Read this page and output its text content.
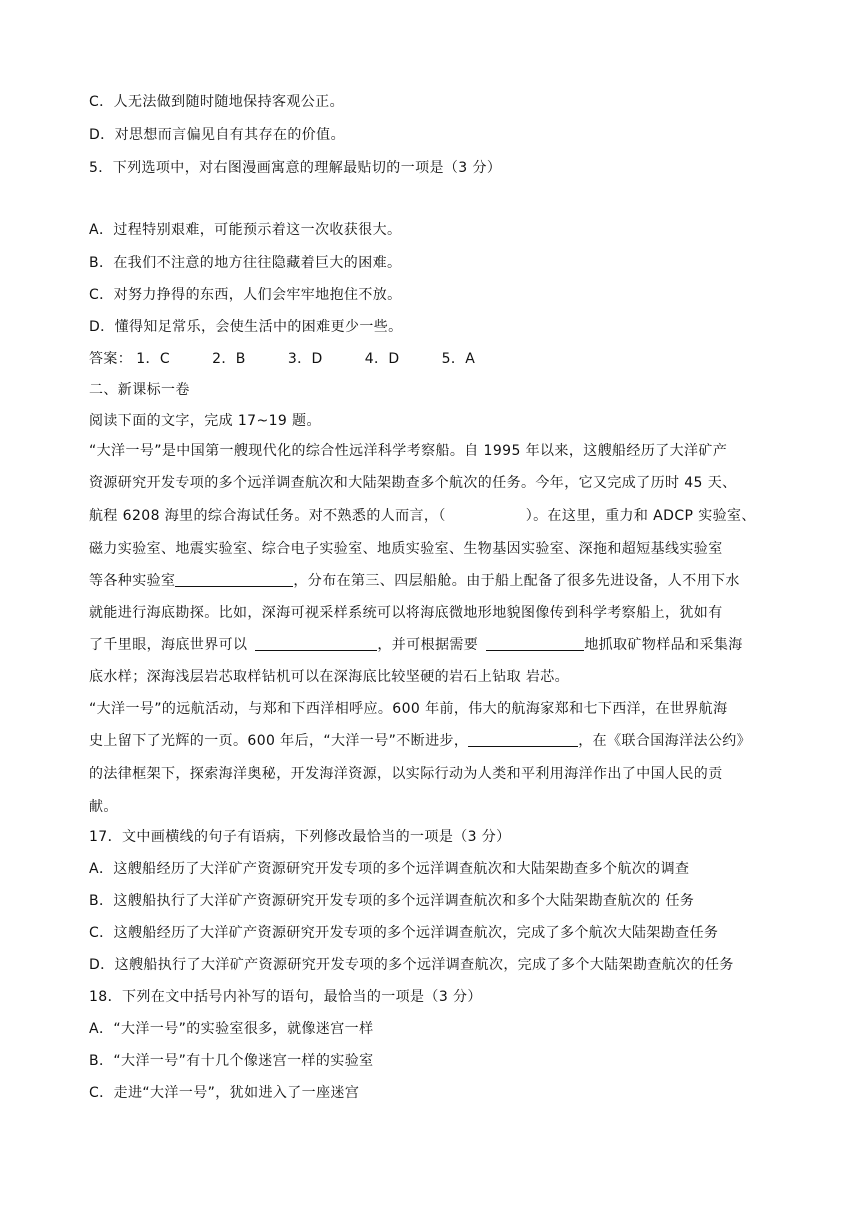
C．人无法做到随时随地保持客观公正。
D．对思想而言偏见自有其存在的价值。
5．下列选项中，对右图漫画寓意的理解最贴切的一项是（3 分）
A．过程特别艰难，可能预示着这一次收获很大。
B．在我们不注意的地方往往隐藏着巨大的困难。
C．对努力挣得的东西，人们会牢牢地抱住不放。
D．懂得知足常乐，会使生活中的困难更少一些。
答案： 1．C	2．B	3．D	4．D	5．A
二、新课标一卷
阅读下面的文字，完成 17~19 题。
“大洋一号”是中国第一艘现代化的综合性远洋科学考察船。自 1995 年以来，这艘船经历了大洋矿产
资源研究开发专项的多个远洋调查航次和大陆架勘查多个航次的任务。今年，它又完成了历时 45 天、
航程 6208 海里的综合海试任务。对不熟悉的人而言，（	）。在这里，重力和 ADCP 实验室、
磁力实验室、地震实验室、综合电子实验室、地质实验室、生物基因实验室、深拖和超短基线实验室
等各种实验室	，分布在第三、四层船舱。由于船上配备了很多先进设备，人不用下水
就能进行海底勘探。比如，深海可视采样系统可以将海底微地形地貌图像传到科学考察船上，犹如有
了千里眼，海底世界可以	，并可根据需要	地抓取矿物样品和采集海
底水样；深海浅层岩芯取样钻机可以在深海底比较坚硬的岩石上钻取 岩芯。
“大洋一号”的远航活动，与郑和下西洋相呼应。600 年前，伟大的航海家郑和七下西洋，在世界航海
史上留下了光辉的一页。600 年后，“大洋一号”不断进步，	，在《联合国海洋法公约》
的法律框架下，探索海洋奥秘，开发海洋资源，以实际行动为人类和平利用海洋作出了中国人民的贡
献。
17．文中画横线的句子有语病，下列修改最恰当的一项是（3 分）
A．这艘船经历了大洋矿产资源研究开发专项的多个远洋调查航次和大陆架勘查多个航次的调查
B．这艘船执行了大洋矿产资源研究开发专项的多个远洋调查航次和多个大陆架勘查航次的 任务
C．这艘船经历了大洋矿产资源研究开发专项的多个远洋调查航次，完成了多个航次大陆架勘查任务
D．这艘船执行了大洋矿产资源研究开发专项的多个远洋调查航次，完成了多个大陆架勘查航次的任务
18．下列在文中括号内补写的语句，最恰当的一项是（3 分）
A．“大洋一号”的实验室很多，就像迷宫一样
B．“大洋一号”有十几个像迷宫一样的实验室
C．走进“大洋一号”，犹如进入了一座迷宫
